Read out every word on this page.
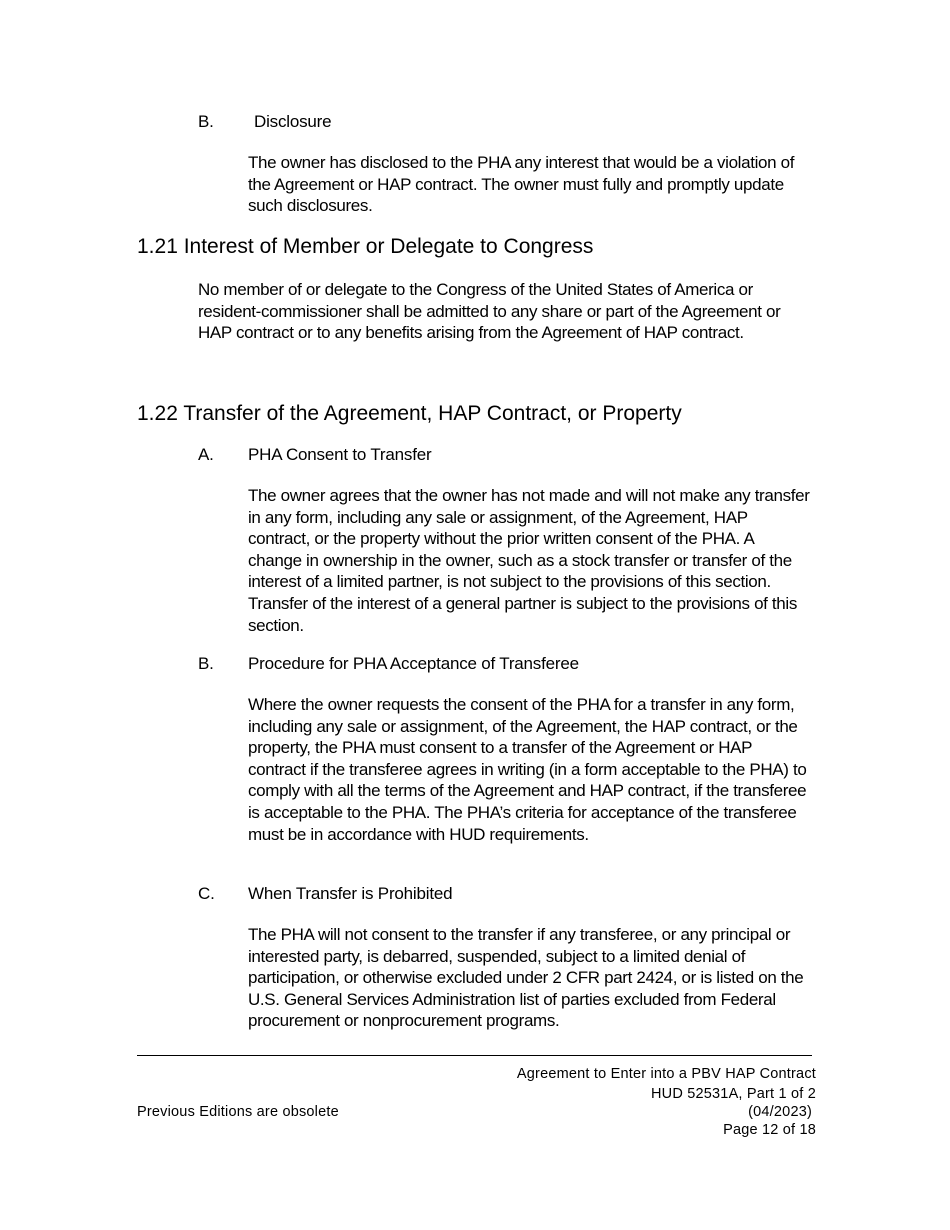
B. Disclosure

The owner has disclosed to the PHA any interest that would be a violation of the Agreement or HAP contract. The owner must fully and promptly update such disclosures.

1.21 Interest of Member or Delegate to Congress

No member of or delegate to the Congress of the United States of America or resident-commissioner shall be admitted to any share or part of the Agreement or HAP contract or to any benefits arising from the Agreement of HAP contract.

1.22 Transfer of the Agreement, HAP Contract, or Property
A. PHA Consent to Transfer

The owner agrees that the owner has not made and will not make any transfer in any form, including any sale or assignment, of the Agreement, HAP contract, or the property without the prior written consent of the PHA. A change in ownership in the owner, such as a stock transfer or transfer of the interest of a limited partner, is not subject to the provisions of this section. Transfer of the interest of a general partner is subject to the provisions of this section.

B. Procedure for PHA Acceptance of Transferee

Where the owner requests the consent of the PHA for a transfer in any form, including any sale or assignment, of the Agreement, the HAP contract, or the property, the PHA must consent to a transfer of the Agreement or HAP contract if the transferee agrees in writing (in a form acceptable to the PHA) to comply with all the terms of the Agreement and HAP contract, if the transferee is acceptable to the PHA. The PHA’s criteria for acceptance of the transferee must be in accordance with HUD requirements.

C. When Transfer is Prohibited

The PHA will not consent to the transfer if any transferee, or any principal or interested party, is debarred, suspended, subject to a limited denial of participation, or otherwise excluded under 2 CFR part 2424, or is listed on the U.S. General Services Administration list of parties excluded from Federal procurement or nonprocurement programs.

Agreement to Enter into a PBV HAP Contract
HUD 52531A, Part 1 of 2
(04/2023)
Page 12 of 18
Previous Editions are obsolete
